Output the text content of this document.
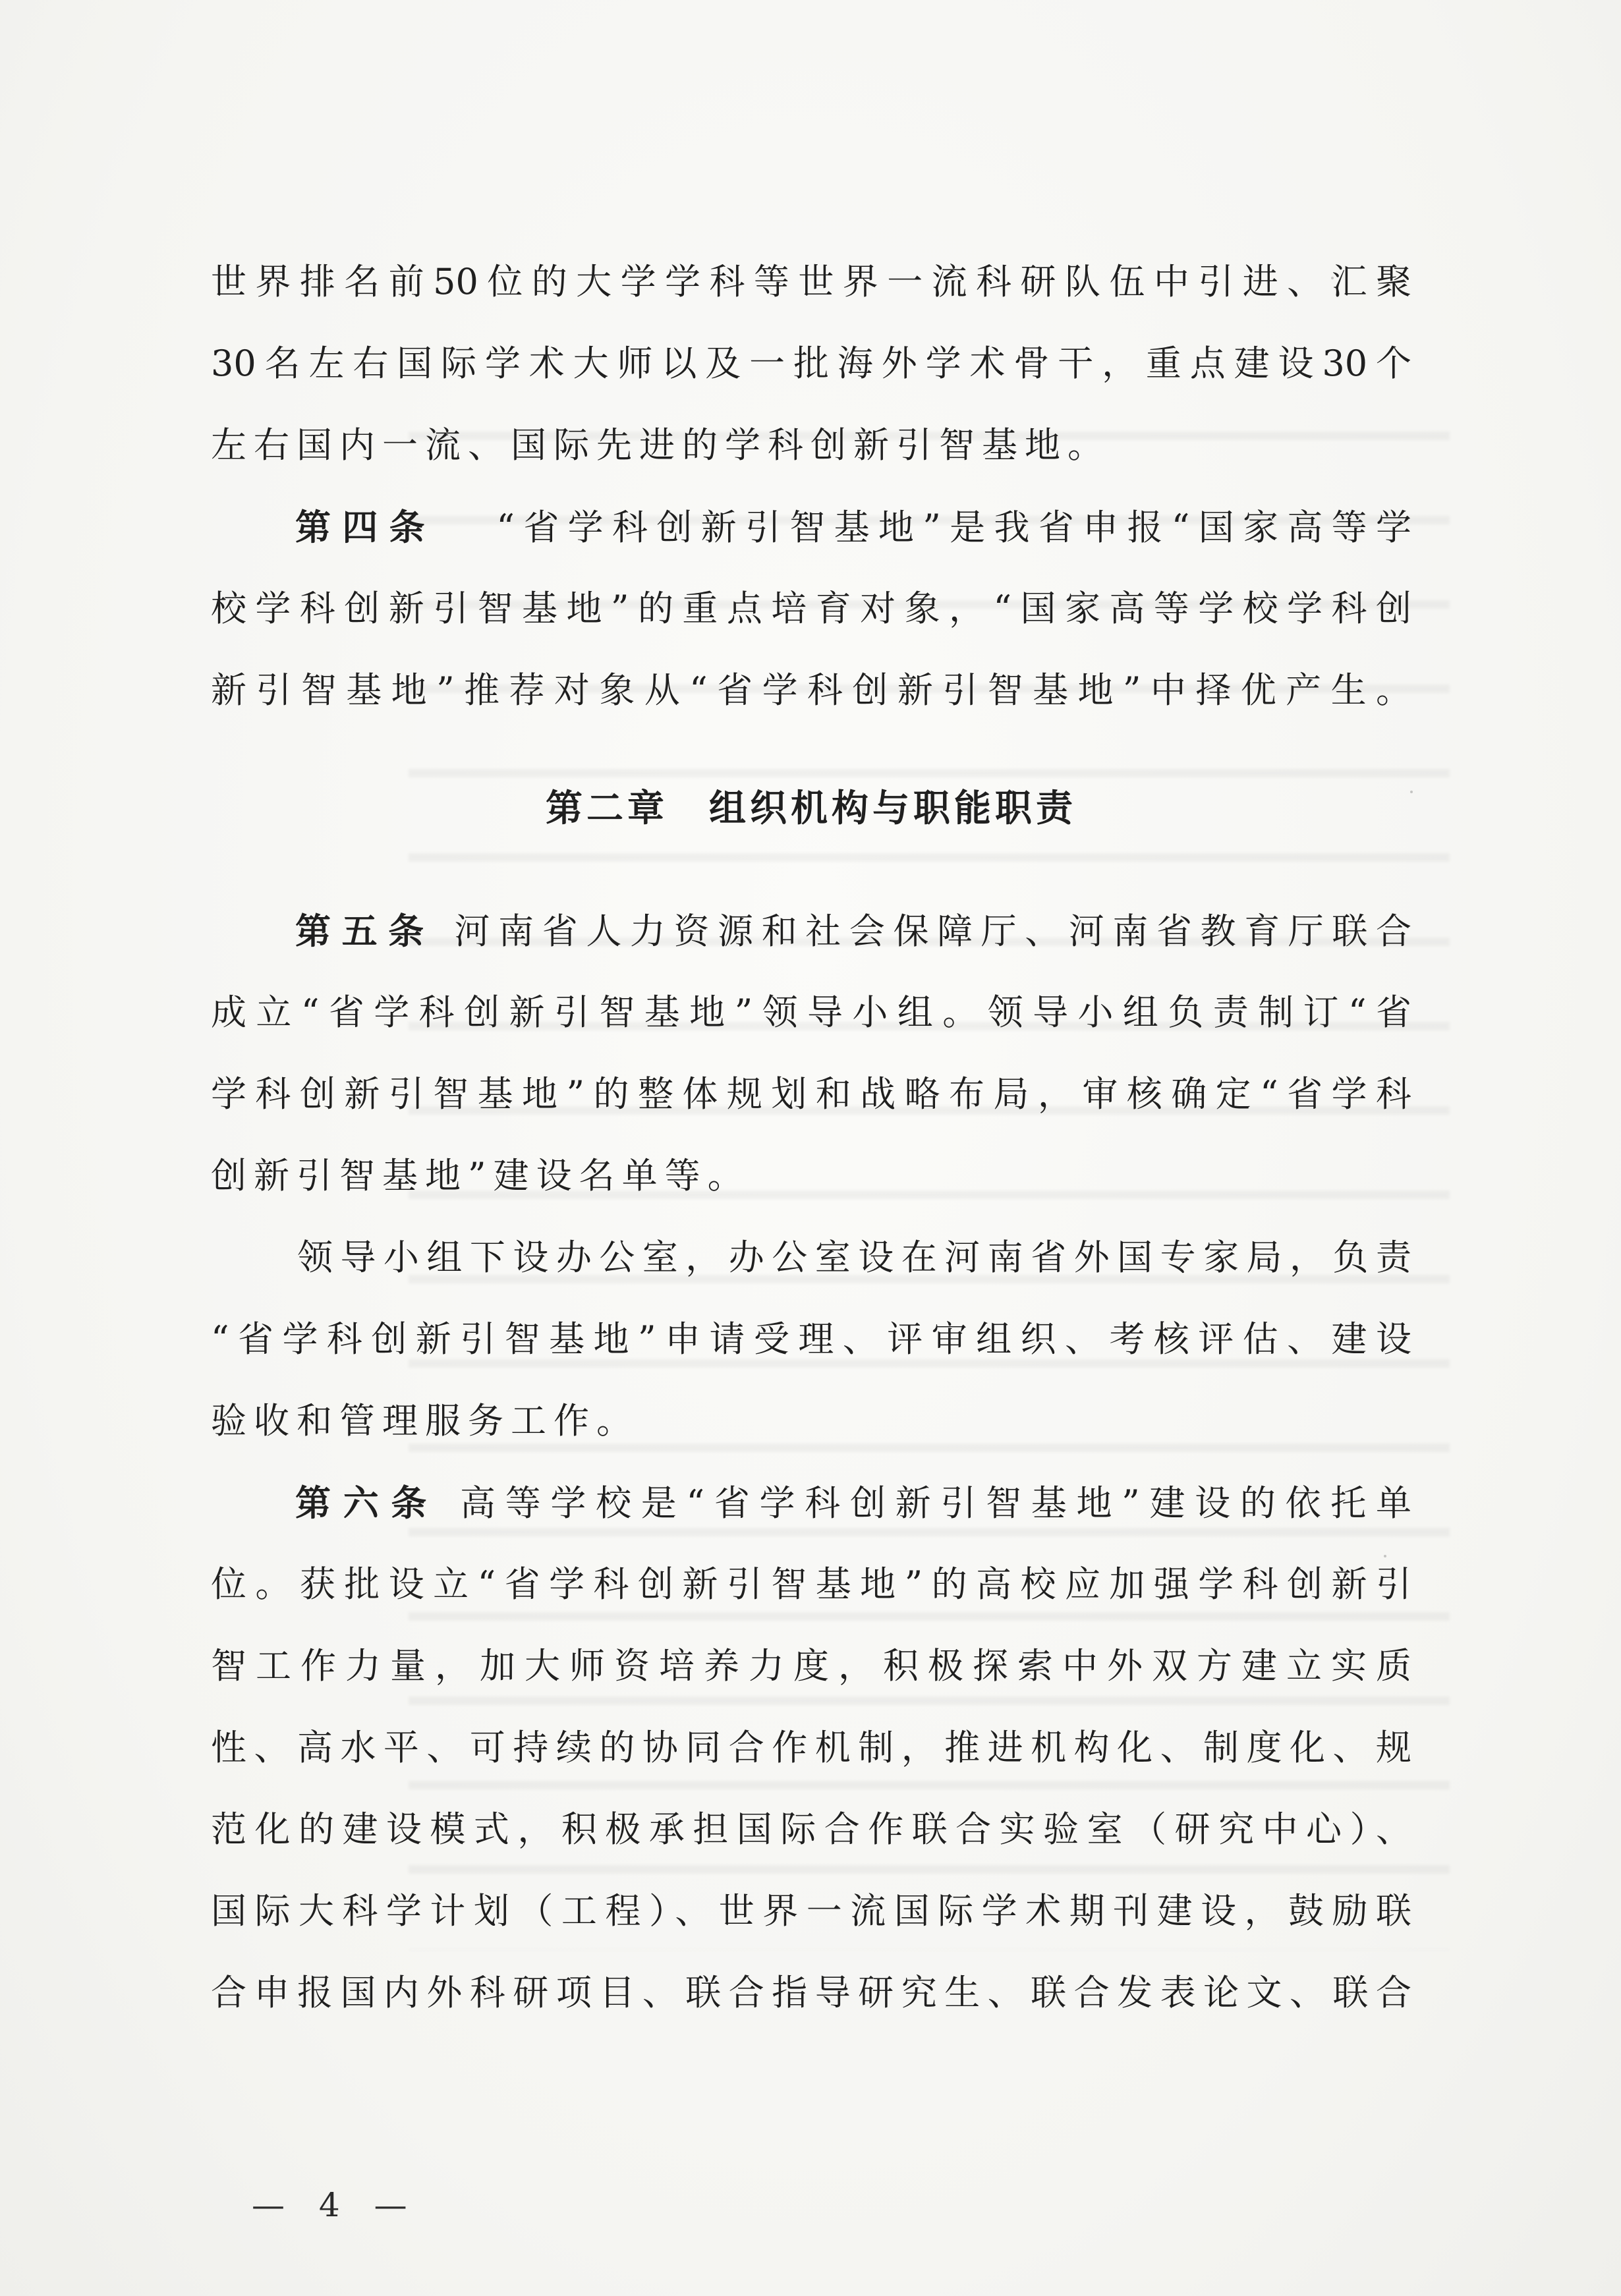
世界排名前50位的大学学科等世界一流科研队伍中引进、汇聚
30名左右国际学术大师以及一批海外学术骨干，重点建设30个
左右国内一流、国际先进的学科创新引智基地。
第四条   “省学科创新引智基地”是我省申报“国家高等学
校学科创新引智基地”的重点培育对象，“国家高等学校学科创
新引智基地”推荐对象从“省学科创新引智基地”中择优产生。
第二章　组织机构与职能职责
第五条 河南省人力资源和社会保障厅、河南省教育厅联合
成立“省学科创新引智基地”领导小组。领导小组负责制订“省
学科创新引智基地”的整体规划和战略布局，审核确定“省学科
创新引智基地”建设名单等。
　　领导小组下设办公室，办公室设在河南省外国专家局，负责
“省学科创新引智基地”申请受理、评审组织、考核评估、建设
验收和管理服务工作。
第六条 高等学校是“省学科创新引智基地”建设的依托单
位。获批设立“省学科创新引智基地”的高校应加强学科创新引
智工作力量，加大师资培养力度，积极探索中外双方建立实质
性、高水平、可持续的协同合作机制，推进机构化、制度化、规
范化的建设模式，积极承担国际合作联合实验室（研究中心）、
国际大科学计划（工程）、世界一流国际学术期刊建设，鼓励联
合申报国内外科研项目、联合指导研究生、联合发表论文、联合
— 4 —
